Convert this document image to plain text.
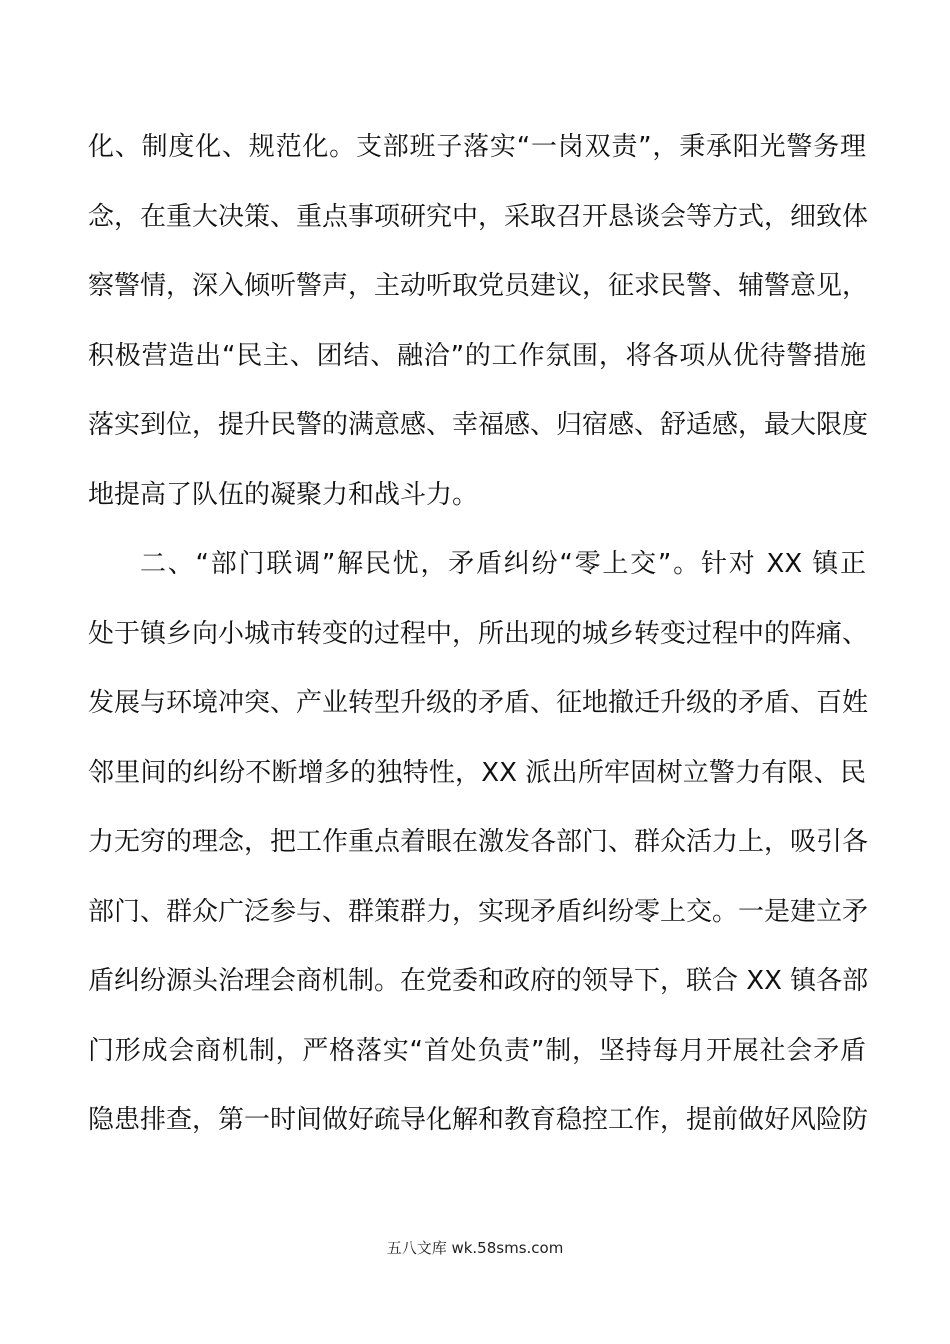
化、制度化、规范化。支部班子落实“一岗双责”，秉承阳光警务理
念，在重大决策、重点事项研究中，采取召开恳谈会等方式，细致体
察警情，深入倾听警声，主动听取党员建议，征求民警、辅警意见，
积极营造出“民主、团结、融洽”的工作氛围，将各项从优待警措施
落实到位，提升民警的满意感、幸福感、归宿感、舒适感，最大限度
地提高了队伍的凝聚力和战斗力。
二、“部门联调”解民忧，矛盾纠纷“零上交”。针对 XX 镇正
处于镇乡向小城市转变的过程中，所出现的城乡转变过程中的阵痛、
发展与环境冲突、产业转型升级的矛盾、征地撤迁升级的矛盾、百姓
邻里间的纠纷不断增多的独特性，XX 派出所牢固树立警力有限、民
力无穷的理念，把工作重点着眼在激发各部门、群众活力上，吸引各
部门、群众广泛参与、群策群力，实现矛盾纠纷零上交。一是建立矛
盾纠纷源头治理会商机制。在党委和政府的领导下，联合 XX 镇各部
门形成会商机制，严格落实“首处负责”制，坚持每月开展社会矛盾
隐患排查，第一时间做好疏导化解和教育稳控工作，提前做好风险防
五八文库 wk.58sms.com
